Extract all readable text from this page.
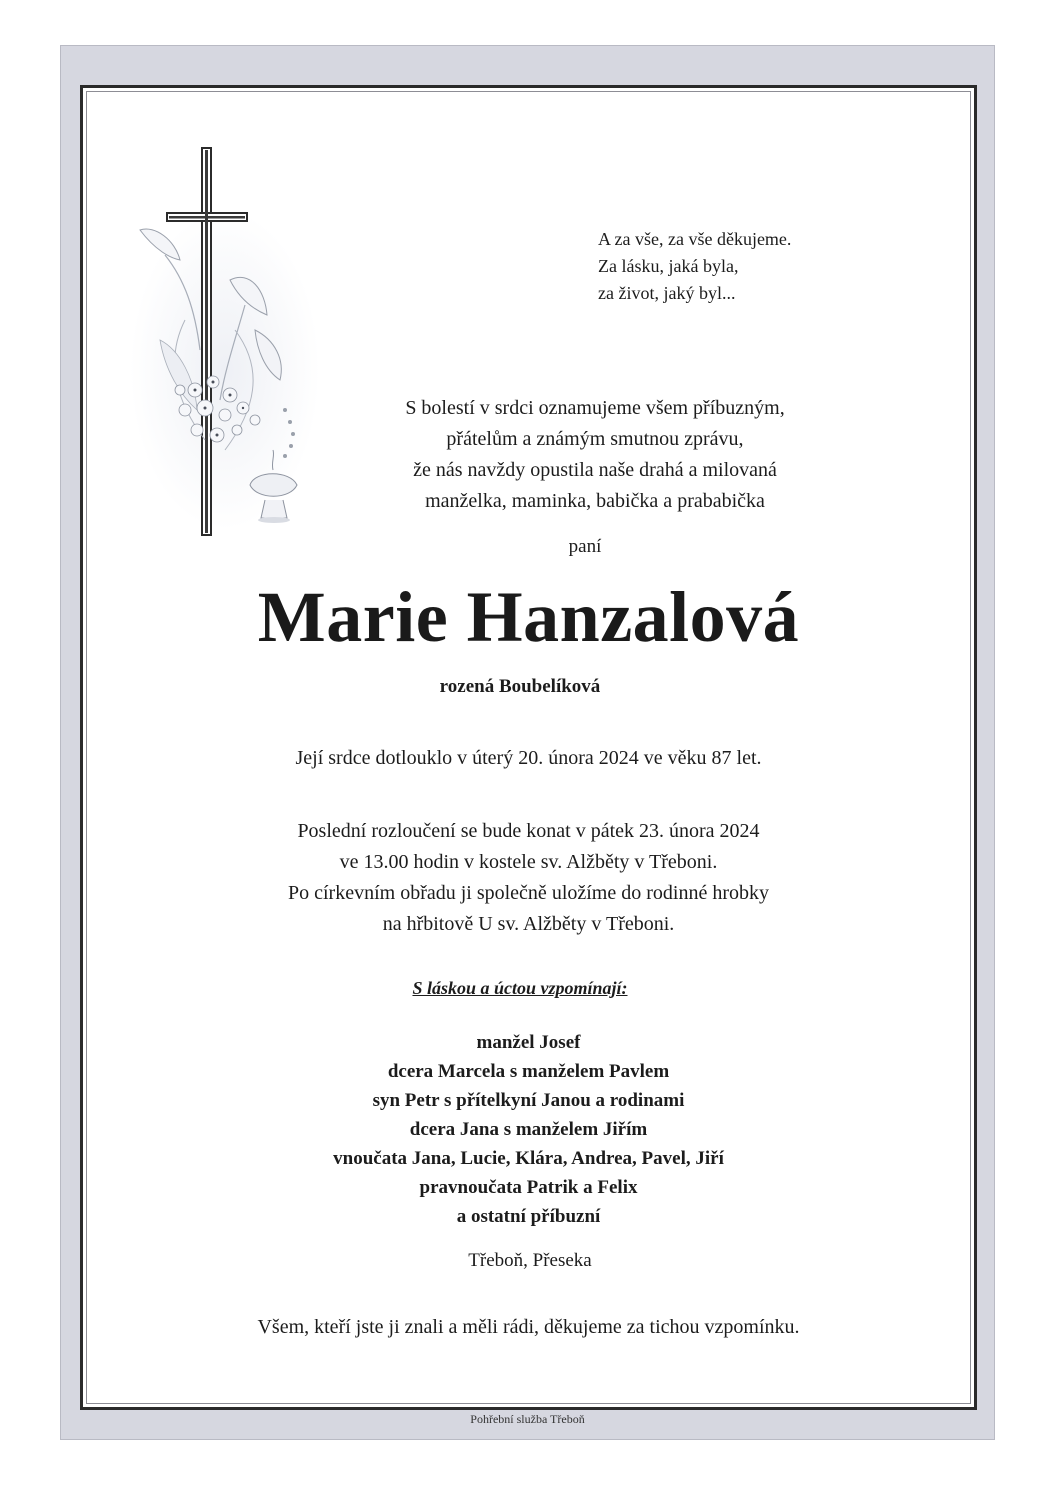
A za vše, za vše děkujeme.
Za lásku, jaká byla,
za život, jaký byl...
S bolestí v srdci oznamujeme všem příbuzným,
přátelům a známým smutnou zprávu,
že nás navždy opustila naše drahá a milovaná
manželka, maminka, babička a prababička
paní
Marie Hanzalová
rozená Boubelíková
Její srdce dotlouklo v úterý 20. února 2024 ve věku 87 let.
Poslední rozloučení se bude konat v pátek 23. února 2024
ve 13.00 hodin v kostele sv. Alžběty v Třeboni.
Po církevním obřadu ji společně uložíme do rodinné hrobky
na hřbitově U sv. Alžběty v Třeboni.
S láskou a úctou vzpomínají:
manžel Josef
dcera Marcela s manželem Pavlem
syn Petr s přítelkyní Janou a rodinami
dcera Jana s manželem Jiřím
vnoučata Jana, Lucie, Klára, Andrea, Pavel, Jiří
pravnoučata Patrik a Felix
a ostatní příbuzní
Třeboň, Přeseka
Všem, kteří jste ji znali a měli rádi, děkujeme za tichou vzpomínku.
Pohřební služba Třeboň
